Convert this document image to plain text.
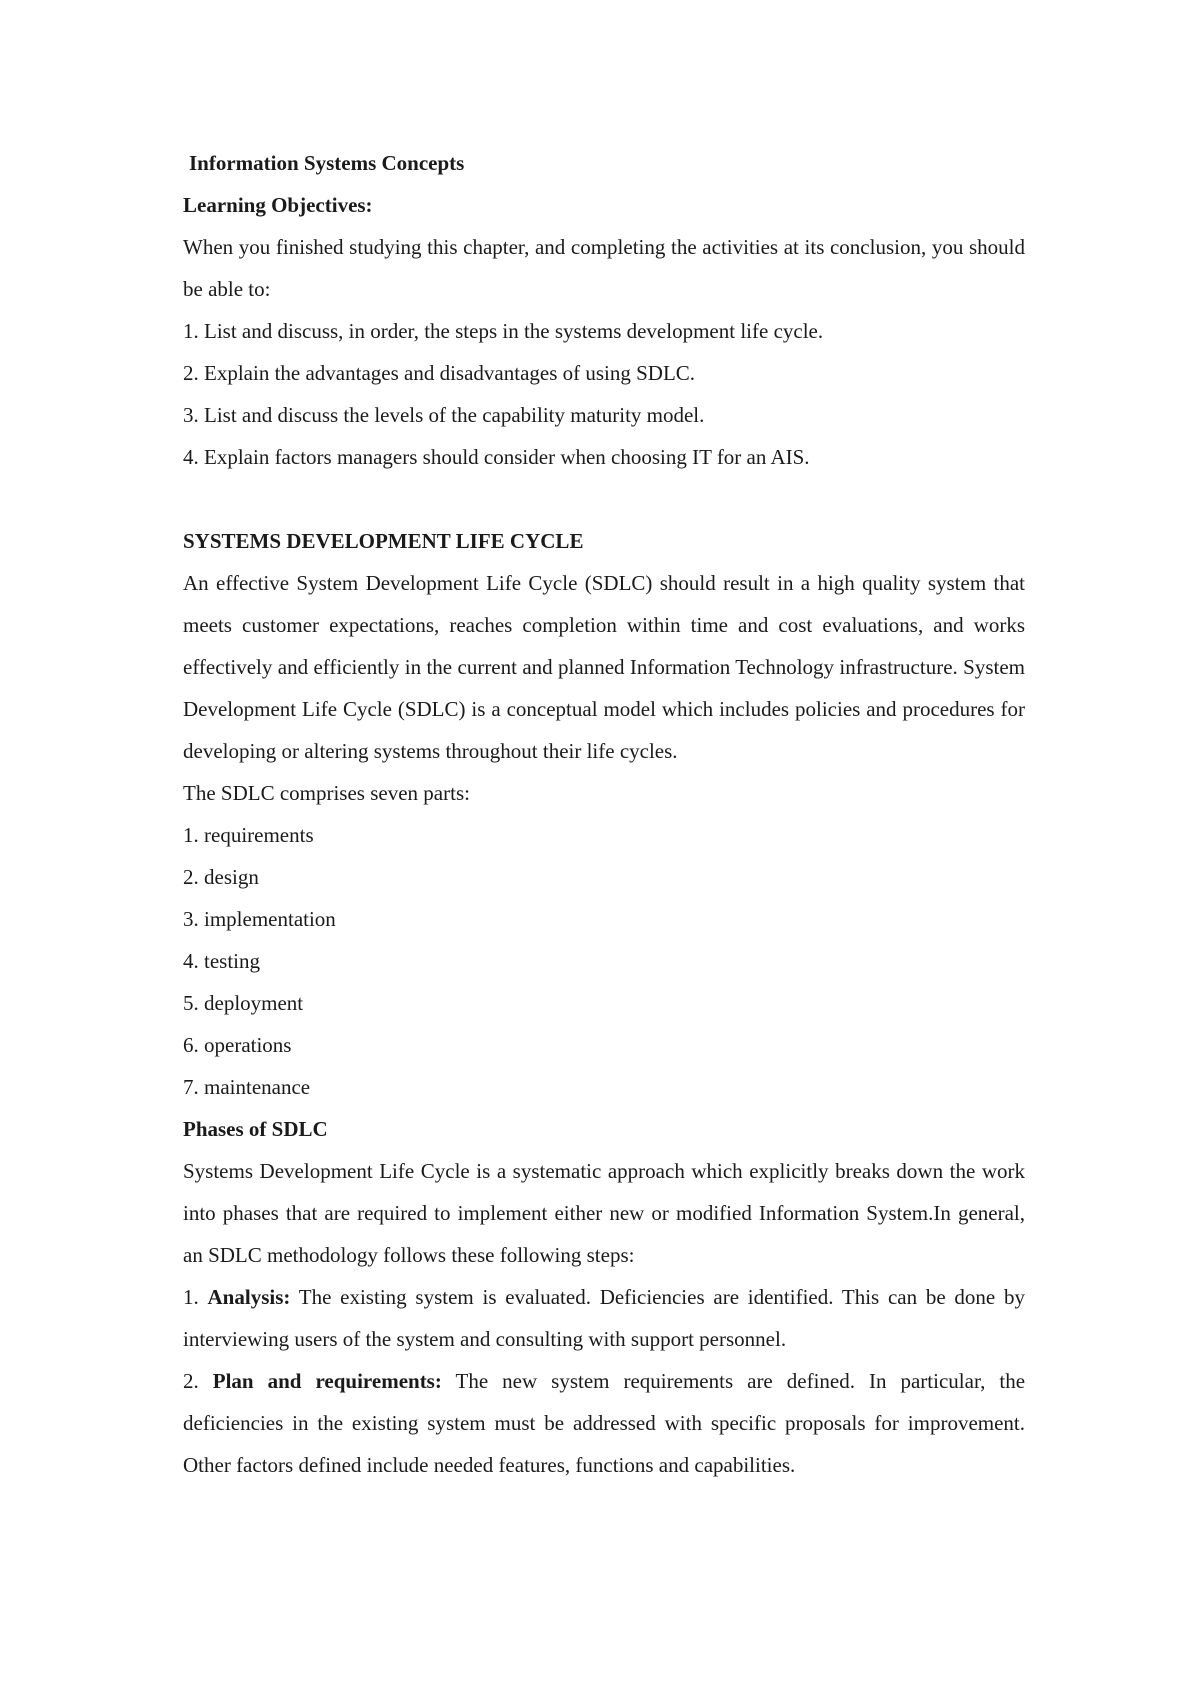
Information Systems Concepts

Learning Objectives:

When you finished studying this chapter, and completing the activities at its conclusion, you should be able to:

1. List and discuss, in order, the steps in the systems development life cycle.
2. Explain the advantages and disadvantages of using SDLC.
3. List and discuss the levels of the capability maturity model.
4. Explain factors managers should consider when choosing IT for an AIS.

SYSTEMS DEVELOPMENT LIFE CYCLE

An effective System Development Life Cycle (SDLC) should result in a high quality system that meets customer expectations, reaches completion within time and cost evaluations, and works effectively and efficiently in the current and planned Information Technology infrastructure. System Development Life Cycle (SDLC) is a conceptual model which includes policies and procedures for developing or altering systems throughout their life cycles.

The SDLC comprises seven parts:

1. requirements
2. design
3. implementation
4. testing
5. deployment
6. operations
7. maintenance

Phases of SDLC

Systems Development Life Cycle is a systematic approach which explicitly breaks down the work into phases that are required to implement either new or modified Information System.In general, an SDLC methodology follows these following steps:

1. Analysis: The existing system is evaluated. Deficiencies are identified. This can be done by interviewing users of the system and consulting with support personnel.

2. Plan and requirements: The new system requirements are defined. In particular, the deficiencies in the existing system must be addressed with specific proposals for improvement. Other factors defined include needed features, functions and capabilities.
